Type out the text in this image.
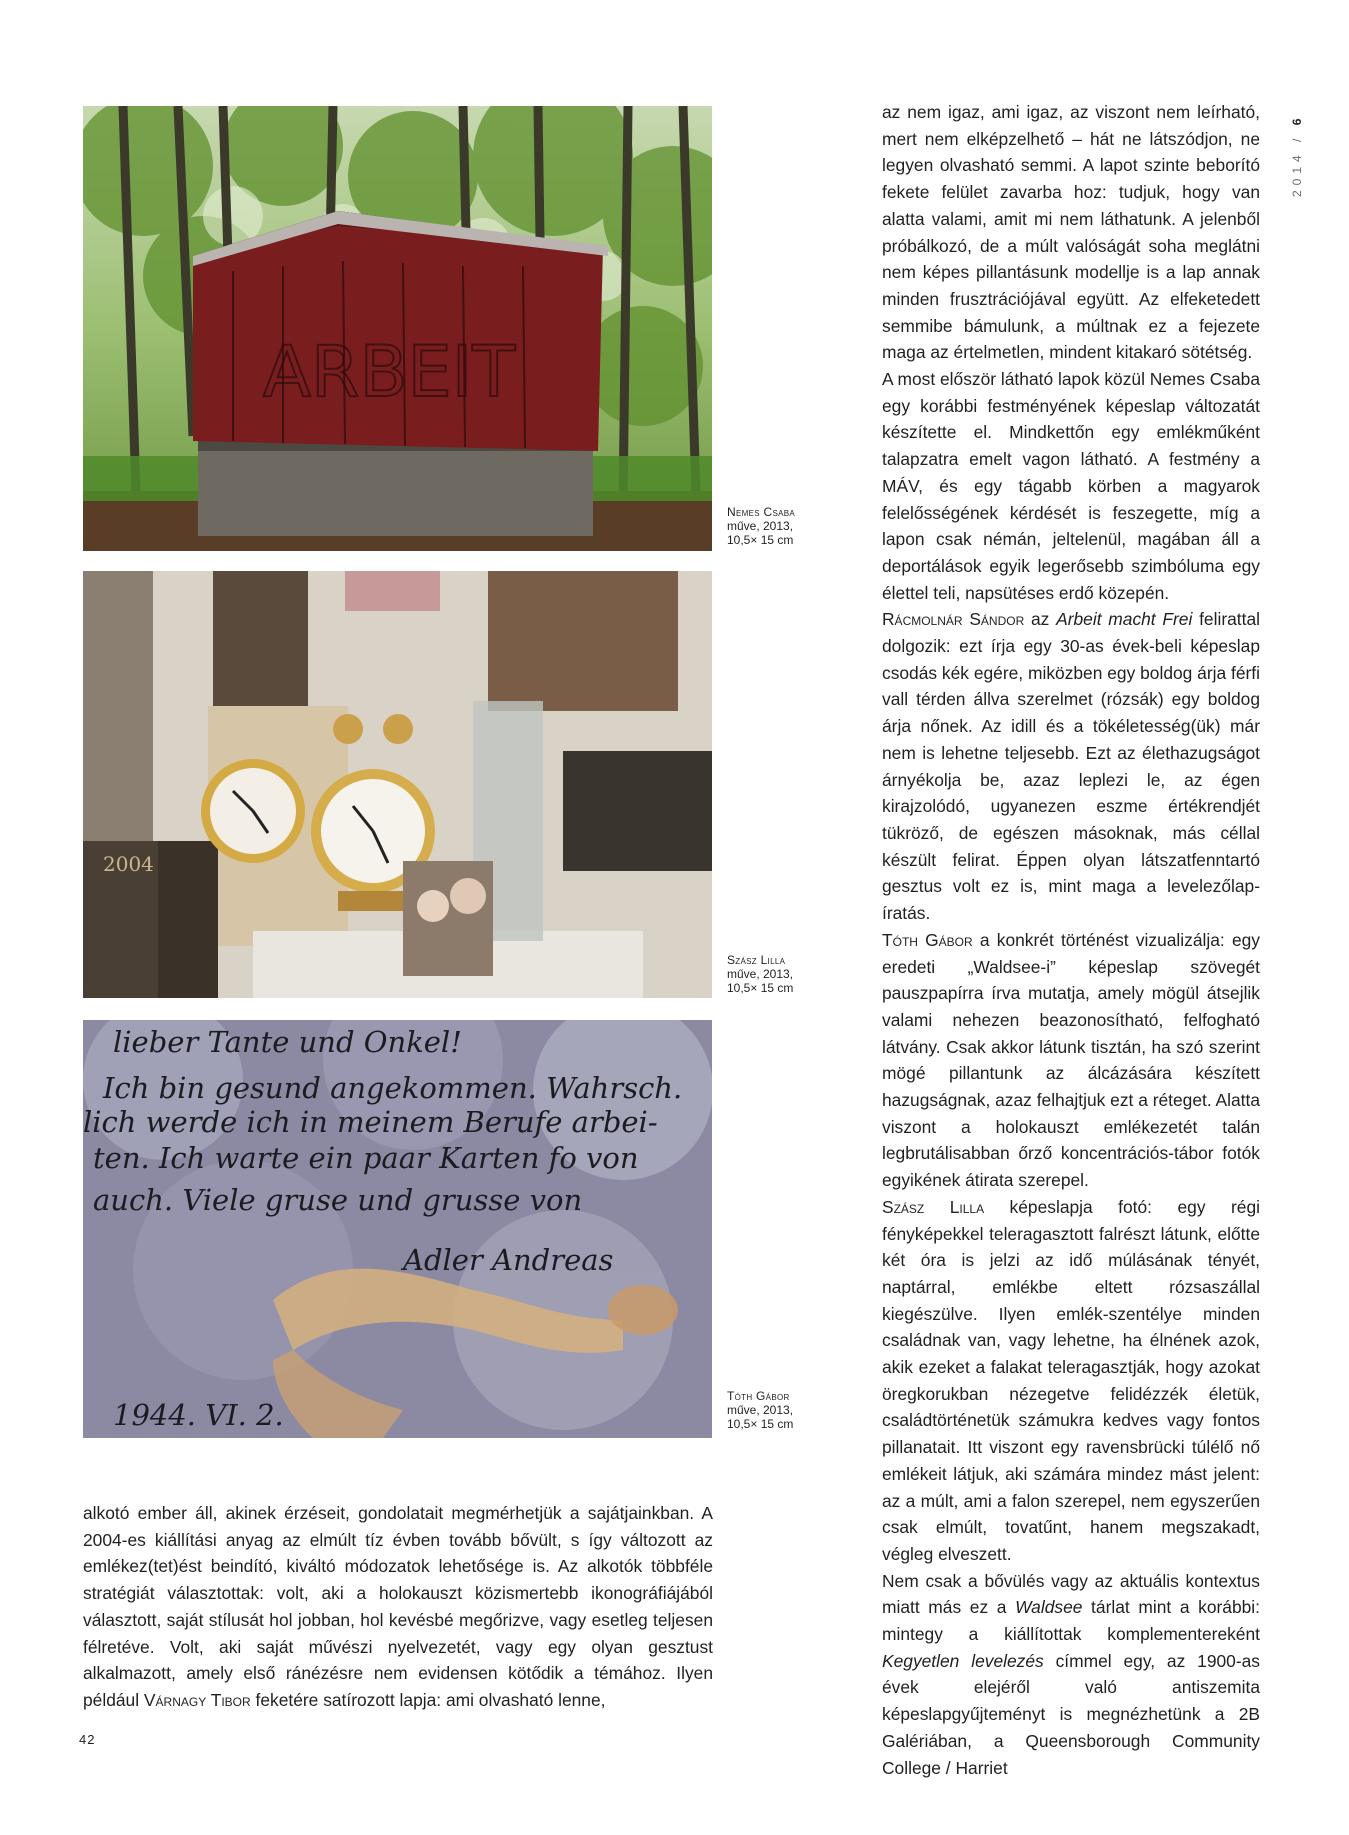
2014 / 6
ARBEIT
Nemes Csaba
műve, 2013,
10,5× 15 cm
2004
Szász Lilla
műve, 2013,
10,5× 15 cm
lieber Tante und Onkel!
Ich bin gesund angekommen. Wahrsch.
lich werde ich in meinem Berufe arbei-
ten. Ich warte ein paar Karten fo von
auch. Viele gruse und grusse von
Adler Andreas
1944. VI. 2.
Tóth Gábor
műve, 2013,
10,5× 15 cm

az nem igaz, ami igaz, az viszont nem leírható, mert nem elképzelhető – hát ne látszódjon, ne legyen olvasható semmi. A lapot szinte beborító fekete felület zavarba hoz: tudjuk, hogy van alatta valami, amit mi nem láthatunk. A jelenből próbálkozó, de a múlt valóságát soha meglátni nem képes pillantásunk modellje is a lap annak minden frusztrációjával együtt. Az elfeketedett semmibe bámulunk, a múltnak ez a fejezete maga az értelmetlen, mindent kitakaró sötétség.

A most először látható lapok közül Nemes Csaba egy korábbi festményének képeslap változatát készítette el. Mindkettőn egy emlékműként talapzatra emelt vagon látható. A festmény a MÁV, és egy tágabb körben a magyarok felelősségének kérdését is feszegette, míg a lapon csak némán, jeltelenül, magában áll a deportálások egyik legerősebb szimbóluma egy élettel teli, napsütéses erdő közepén.

Rácmolnár Sándor az Arbeit macht Frei felirattal dolgozik: ezt írja egy 30-as évek-beli képeslap csodás kék egére, miközben egy boldog árja férfi vall térden állva szerelmet (rózsák) egy boldog árja nőnek. Az idill és a tökéletesség(ük) már nem is lehetne teljesebb. Ezt az élethazugságot árnyékolja be, azaz leplezi le, az égen kirajzolódó, ugyanezen eszme értékrendjét tükröző, de egészen másoknak, más céllal készült felirat. Éppen olyan látszatfenntartó gesztus volt ez is, mint maga a levelezőlap-íratás.

Tóth Gábor a konkrét történést vizualizálja: egy eredeti „Waldsee-i” képeslap szövegét pauszpapírra írva mutatja, amely mögül átsejlik valami nehezen beazonosítható, felfogható látvány. Csak akkor látunk tisztán, ha szó szerint mögé pillantunk az álcázására készített hazugságnak, azaz felhajtjuk ezt a réteget. Alatta viszont a holokauszt emlékezetét talán legbrutálisabban őrző koncentrációs-tábor fotók egyikének átirata szerepel.

Szász Lilla képeslapja fotó: egy régi fényképekkel teleragasztott falrészt látunk, előtte két óra is jelzi az idő múlásának tényét, naptárral, emlékbe eltett rózsaszállal kiegészülve. Ilyen emlék-szentélye minden családnak van, vagy lehetne, ha élnének azok, akik ezeket a falakat teleragasztják, hogy azokat öregkorukban nézegetve felidézzék életük, családtörténetük számukra kedves vagy fontos pillanatait. Itt viszont egy ravensbrücki túlélő nő emlékeit látjuk, aki számára mindez mást jelent: az a múlt, ami a falon szerepel, nem egyszerűen csak elmúlt, tovatűnt, hanem megszakadt, végleg elveszett.

Nem csak a bővülés vagy az aktuális kontextus miatt más ez a Waldsee tárlat mint a korábbi: mintegy a kiállítottak komplementereként Kegyetlen levelezés címmel egy, az 1900-as évek elejéről való antiszemita képeslapgyűjteményt is megnézhetünk a 2B Galériában, a Queensborough Community College / Harriet

alkotó ember áll, akinek érzéseit, gondolatait megmérhetjük a sajátjainkban. A 2004-es kiállítási anyag az elmúlt tíz évben tovább bővült, s így változott az emlékez(tet)ést beindító, kiváltó módozatok lehetősége is. Az alkotók többféle stratégiát választottak: volt, aki a holokauszt közismertebb ikonográfiájából választott, saját stílusát hol jobban, hol kevésbé megőrizve, vagy esetleg teljesen félretéve. Volt, aki saját művészi nyelvezetét, vagy egy olyan gesztust alkalmazott, amely első ránézésre nem evidensen kötődik a témához. Ilyen például Várnagy Tibor feketére satírozott lapja: ami olvasható lenne,

42
